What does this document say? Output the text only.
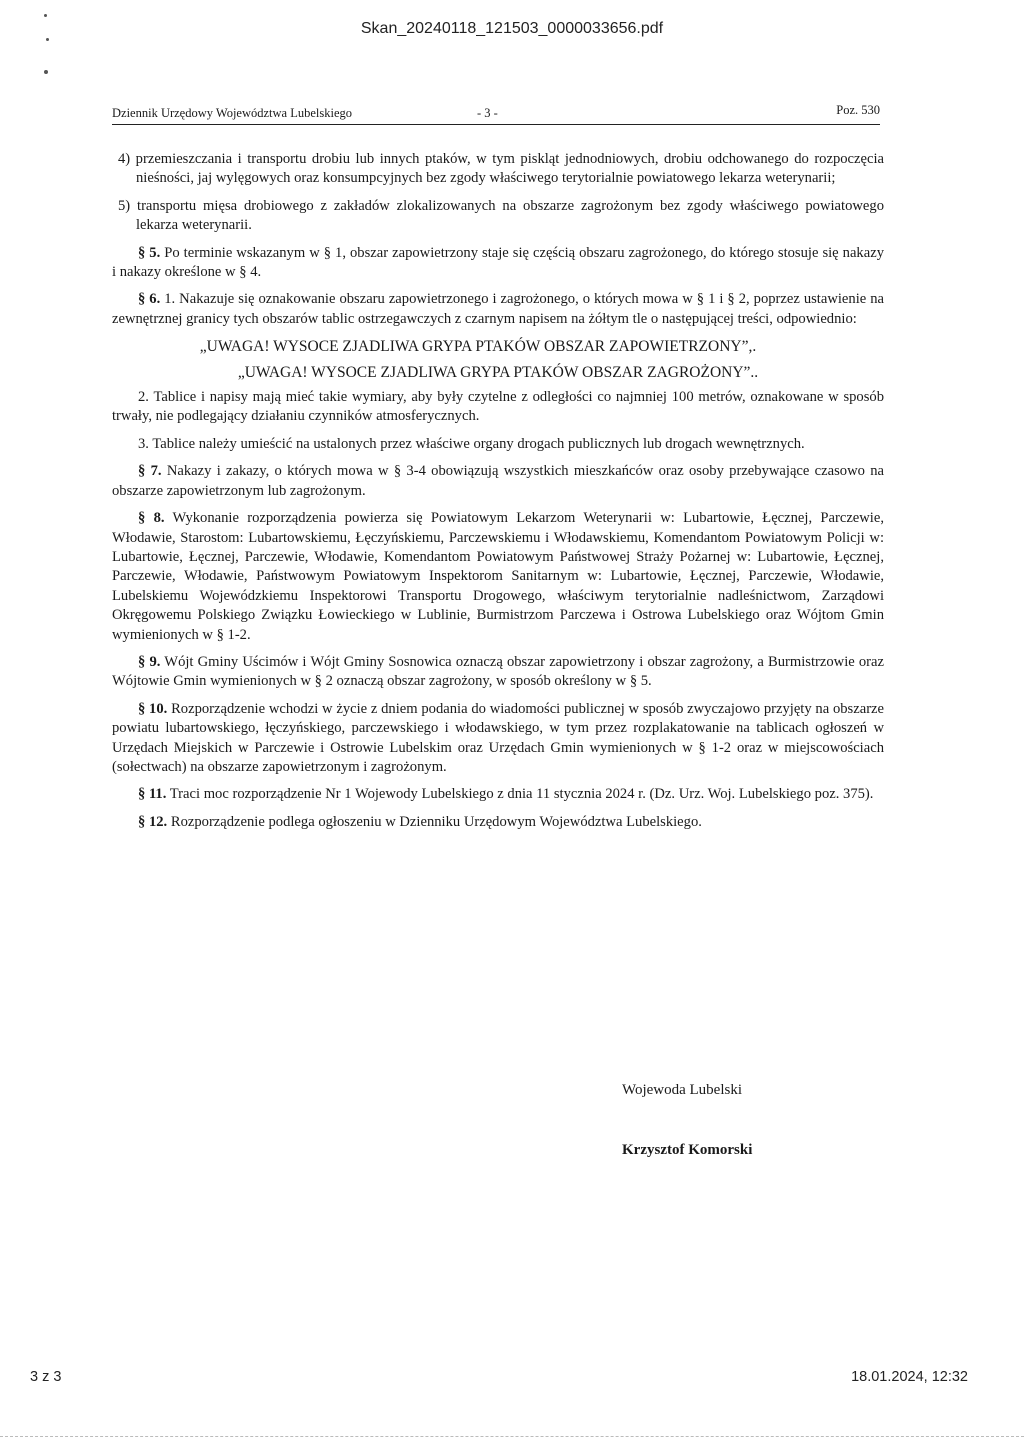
Skan_20240118_121503_0000033656.pdf
Dziennik Urzędowy Województwa Lubelskiego	- 3 -	Poz. 530

4) przemieszczania i transportu drobiu lub innych ptaków, w tym piskląt jednodniowych, drobiu odchowanego do rozpoczęcia nieśności, jaj wylęgowych oraz konsumpcyjnych bez zgody właściwego terytorialnie powiatowego lekarza weterynarii;

5) transportu mięsa drobiowego z zakładów zlokalizowanych na obszarze zagrożonym bez zgody właściwego powiatowego lekarza weterynarii.

§ 5. Po terminie wskazanym w § 1, obszar zapowietrzony staje się częścią obszaru zagrożonego, do którego stosuje się nakazy i nakazy określone w § 4.

§ 6. 1. Nakazuje się oznakowanie obszaru zapowietrzonego i zagrożonego, o których mowa w § 1 i § 2, poprzez ustawienie na zewnętrznej granicy tych obszarów tablic ostrzegawczych z czarnym napisem na żółtym tle o następującej treści, odpowiednio:

„UWAGA! WYSOCE ZJADLIWA GRYPA PTAKÓW OBSZAR ZAPOWIETRZONY”,.

„UWAGA! WYSOCE ZJADLIWA GRYPA PTAKÓW OBSZAR ZAGROŻONY”..

2. Tablice i napisy mają mieć takie wymiary, aby były czytelne z odległości co najmniej 100 metrów, oznakowane w sposób trwały, nie podlegający działaniu czynników atmosferycznych.

3. Tablice należy umieścić na ustalonych przez właściwe organy drogach publicznych lub drogach wewnętrznych.

§ 7. Nakazy i zakazy, o których mowa w § 3-4 obowiązują wszystkich mieszkańców oraz osoby przebywające czasowo na obszarze zapowietrzonym lub zagrożonym.

§ 8. Wykonanie rozporządzenia powierza się Powiatowym Lekarzom Weterynarii w: Lubartowie, Łęcznej, Parczewie, Włodawie, Starostom: Lubartowskiemu, Łęczyńskiemu, Parczewskiemu i Włodawskiemu, Komendantom Powiatowym Policji w: Lubartowie, Łęcznej, Parczewie, Włodawie, Komendantom Powiatowym Państwowej Straży Pożarnej w: Lubartowie, Łęcznej, Parczewie, Włodawie, Państwowym Powiatowym Inspektorom Sanitarnym w: Lubartowie, Łęcznej, Parczewie, Włodawie, Lubelskiemu Wojewódzkiemu Inspektorowi Transportu Drogowego, właściwym terytorialnie nadleśnictwom, Zarządowi Okręgowemu Polskiego Związku Łowieckiego w Lublinie, Burmistrzom Parczewa i Ostrowa Lubelskiego oraz Wójtom Gmin wymienionych w § 1-2.

§ 9. Wójt Gminy Uścimów i Wójt Gminy Sosnowica oznaczą obszar zapowietrzony i obszar zagrożony, a Burmistrzowie oraz Wójtowie Gmin wymienionych w § 2 oznaczą obszar zagrożony, w sposób określony w § 5.

§ 10. Rozporządzenie wchodzi w życie z dniem podania do wiadomości publicznej w sposób zwyczajowo przyjęty na obszarze powiatu lubartowskiego, łęczyńskiego, parczewskiego i włodawskiego, w tym przez rozplakatowanie na tablicach ogłoszeń w Urzędach Miejskich w Parczewie i Ostrowie Lubelskim oraz Urzędach Gmin wymienionych w § 1-2 oraz w miejscowościach (sołectwach) na obszarze zapowietrzonym i zagrożonym.

§ 11. Traci moc rozporządzenie Nr 1 Wojewody Lubelskiego z dnia 11 stycznia 2024 r. (Dz. Urz. Woj. Lubelskiego poz. 375).

§ 12. Rozporządzenie podlega ogłoszeniu w Dzienniku Urzędowym Województwa Lubelskiego.

Wojewoda Lubelski
Krzysztof Komorski
3 z 3	18.01.2024, 12:32
